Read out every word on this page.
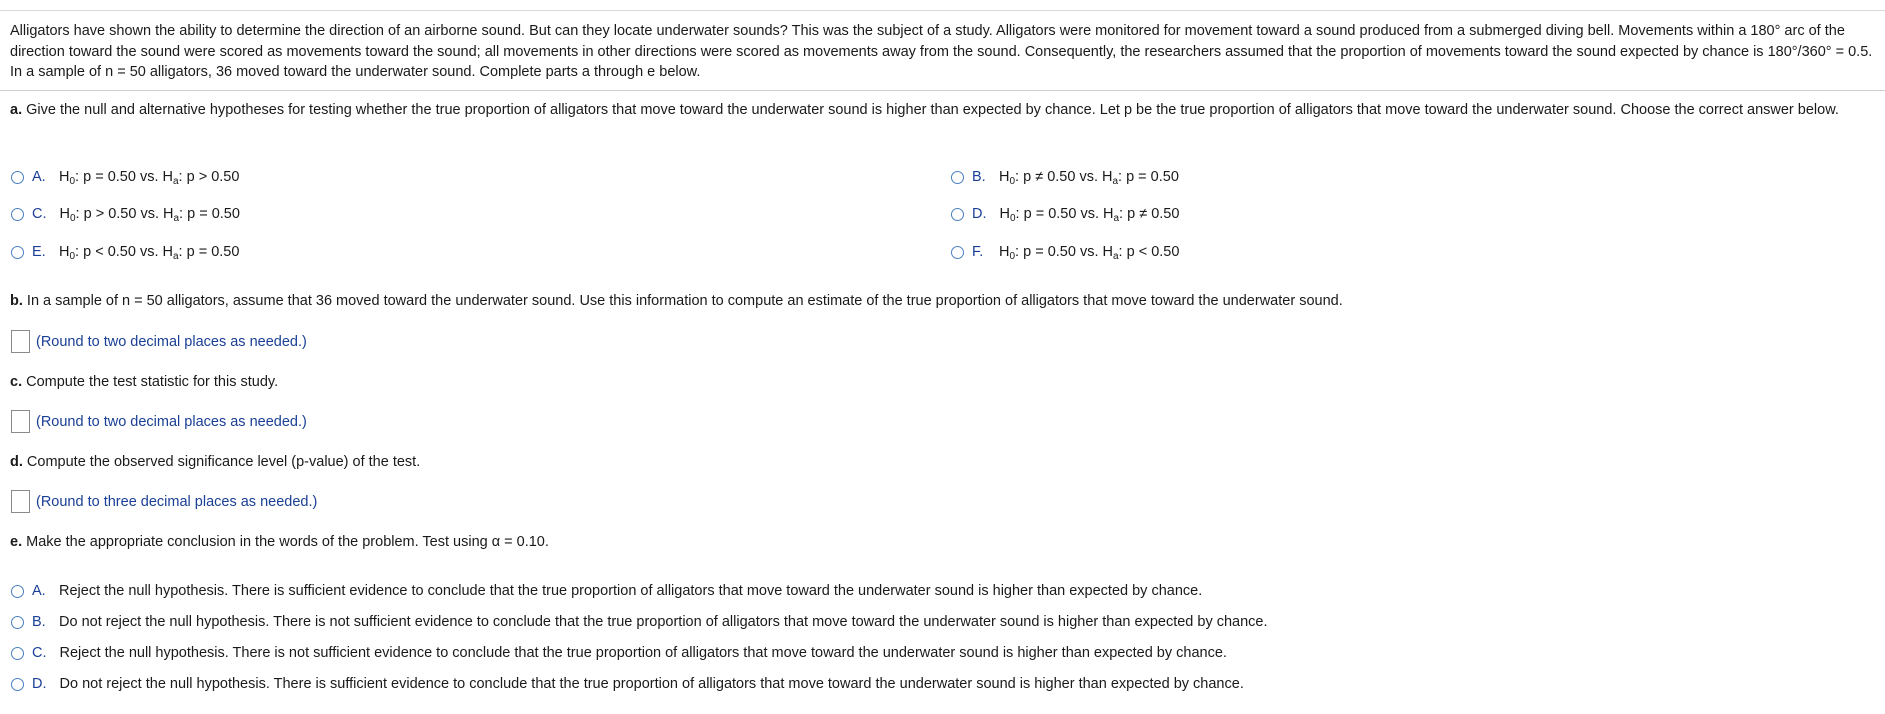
Alligators have shown the ability to determine the direction of an airborne sound. But can they locate underwater sounds? This was the subject of a study. Alligators were monitored for movement toward a sound produced from a submerged diving bell. Movements within a 180° arc of the direction toward the sound were scored as movements toward the sound; all movements in other directions were scored as movements away from the sound. Consequently, the researchers assumed that the proportion of movements toward the sound expected by chance is 180°/360° = 0.5. In a sample of n = 50 alligators, 36 moved toward the underwater sound. Complete parts a through e below.
a. Give the null and alternative hypotheses for testing whether the true proportion of alligators that move toward the underwater sound is higher than expected by chance. Let p be the true proportion of alligators that move toward the underwater sound. Choose the correct answer below.
A. $H_0$: p = 0.50 vs. $H_a$: p > 0.50	B. $H_0$: p ≠ 0.50 vs. $H_a$: p = 0.50
C. $H_0$: p > 0.50 vs. $H_a$: p = 0.50	D. $H_0$: p = 0.50 vs. $H_a$: p ≠ 0.50
E. $H_0$: p < 0.50 vs. $H_a$: p = 0.50	F. $H_0$: p = 0.50 vs. $H_a$: p < 0.50
b. In a sample of n = 50 alligators, assume that 36 moved toward the underwater sound. Use this information to compute an estimate of the true proportion of alligators that move toward the underwater sound.
(Round to two decimal places as needed.)
c. Compute the test statistic for this study.
(Round to two decimal places as needed.)
d. Compute the observed significance level (p-value) of the test.
(Round to three decimal places as needed.)
e. Make the appropriate conclusion in the words of the problem. Test using α = 0.10.
A. Reject the null hypothesis. There is sufficient evidence to conclude that the true proportion of alligators that move toward the underwater sound is higher than expected by chance.
B. Do not reject the null hypothesis. There is not sufficient evidence to conclude that the true proportion of alligators that move toward the underwater sound is higher than expected by chance.
C. Reject the null hypothesis. There is not sufficient evidence to conclude that the true proportion of alligators that move toward the underwater sound is higher than expected by chance.
D. Do not reject the null hypothesis. There is sufficient evidence to conclude that the true proportion of alligators that move toward the underwater sound is higher than expected by chance.
